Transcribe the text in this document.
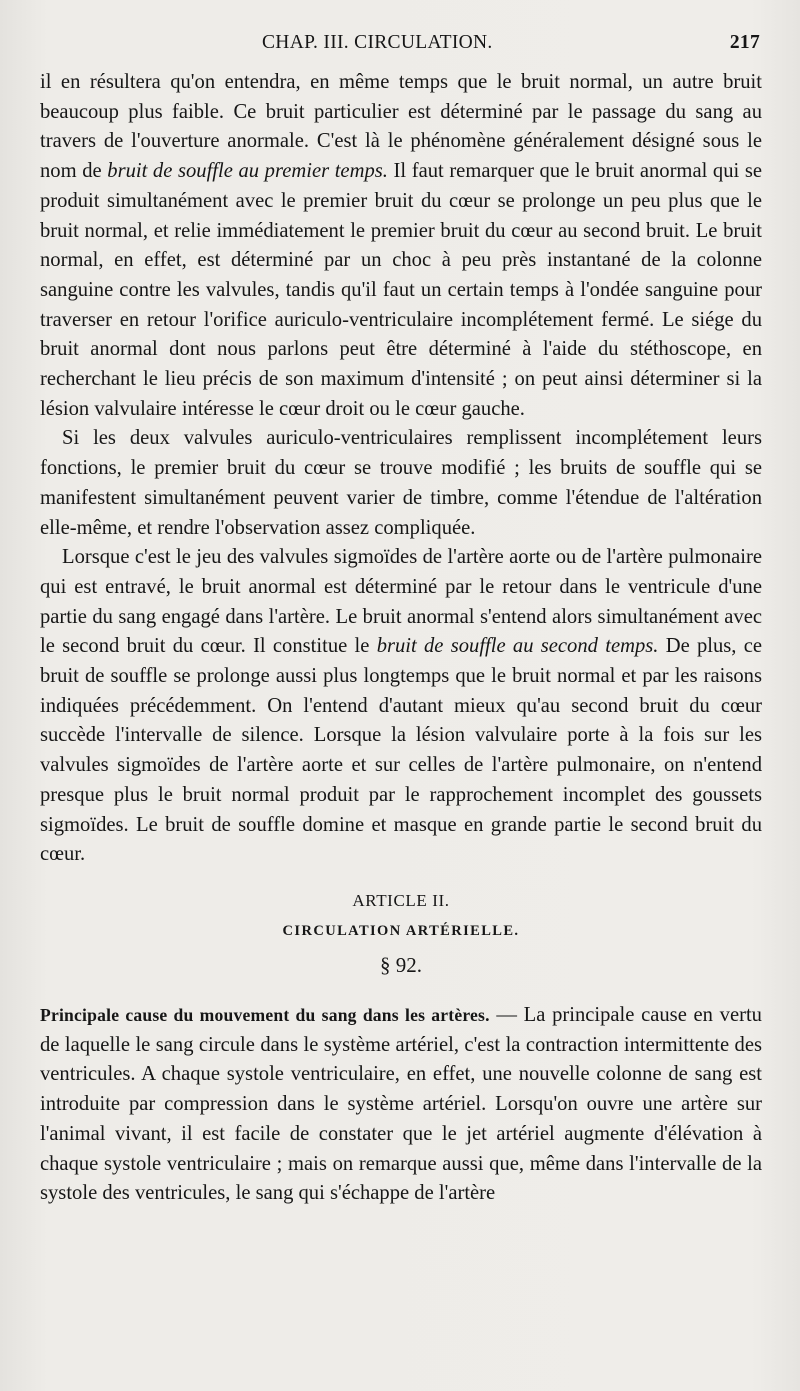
CHAP. III. CIRCULATION.	217

il en résultera qu'on entendra, en même temps que le bruit normal, un autre bruit beaucoup plus faible. Ce bruit particulier est déterminé par le passage du sang au travers de l'ouverture anormale. C'est là le phénomène généralement désigné sous le nom de bruit de souffle au premier temps. Il faut remarquer que le bruit anormal qui se produit simultanément avec le premier bruit du cœur se prolonge un peu plus que le bruit normal, et relie immédiatement le premier bruit du cœur au second bruit. Le bruit normal, en effet, est déterminé par un choc à peu près instantané de la colonne sanguine contre les valvules, tandis qu'il faut un certain temps à l'ondée sanguine pour traverser en retour l'orifice auriculo-ventriculaire incomplétement fermé. Le siége du bruit anormal dont nous parlons peut être déterminé à l'aide du stéthoscope, en recherchant le lieu précis de son maximum d'intensité ; on peut ainsi déterminer si la lésion valvulaire intéresse le cœur droit ou le cœur gauche.

Si les deux valvules auriculo-ventriculaires remplissent incomplétement leurs fonctions, le premier bruit du cœur se trouve modifié ; les bruits de souffle qui se manifestent simultanément peuvent varier de timbre, comme l'étendue de l'altération elle-même, et rendre l'observation assez compliquée.

Lorsque c'est le jeu des valvules sigmoïdes de l'artère aorte ou de l'artère pulmonaire qui est entravé, le bruit anormal est déterminé par le retour dans le ventricule d'une partie du sang engagé dans l'artère. Le bruit anormal s'entend alors simultanément avec le second bruit du cœur. Il constitue le bruit de souffle au second temps. De plus, ce bruit de souffle se prolonge aussi plus longtemps que le bruit normal et par les raisons indiquées précédemment. On l'entend d'autant mieux qu'au second bruit du cœur succède l'intervalle de silence. Lorsque la lésion valvulaire porte à la fois sur les valvules sigmoïdes de l'artère aorte et sur celles de l'artère pulmonaire, on n'entend presque plus le bruit normal produit par le rapprochement incomplet des goussets sigmoïdes. Le bruit de souffle domine et masque en grande partie le second bruit du cœur.

ARTICLE II.
CIRCULATION ARTÉRIELLE.
§ 92.

Principale cause du mouvement du sang dans les artères. — La principale cause en vertu de laquelle le sang circule dans le système artériel, c'est la contraction intermittente des ventricules. A chaque systole ventriculaire, en effet, une nouvelle colonne de sang est introduite par compression dans le système artériel. Lorsqu'on ouvre une artère sur l'animal vivant, il est facile de constater que le jet artériel augmente d'élévation à chaque systole ventriculaire ; mais on remarque aussi que, même dans l'intervalle de la systole des ventricules, le sang qui s'échappe de l'artère
